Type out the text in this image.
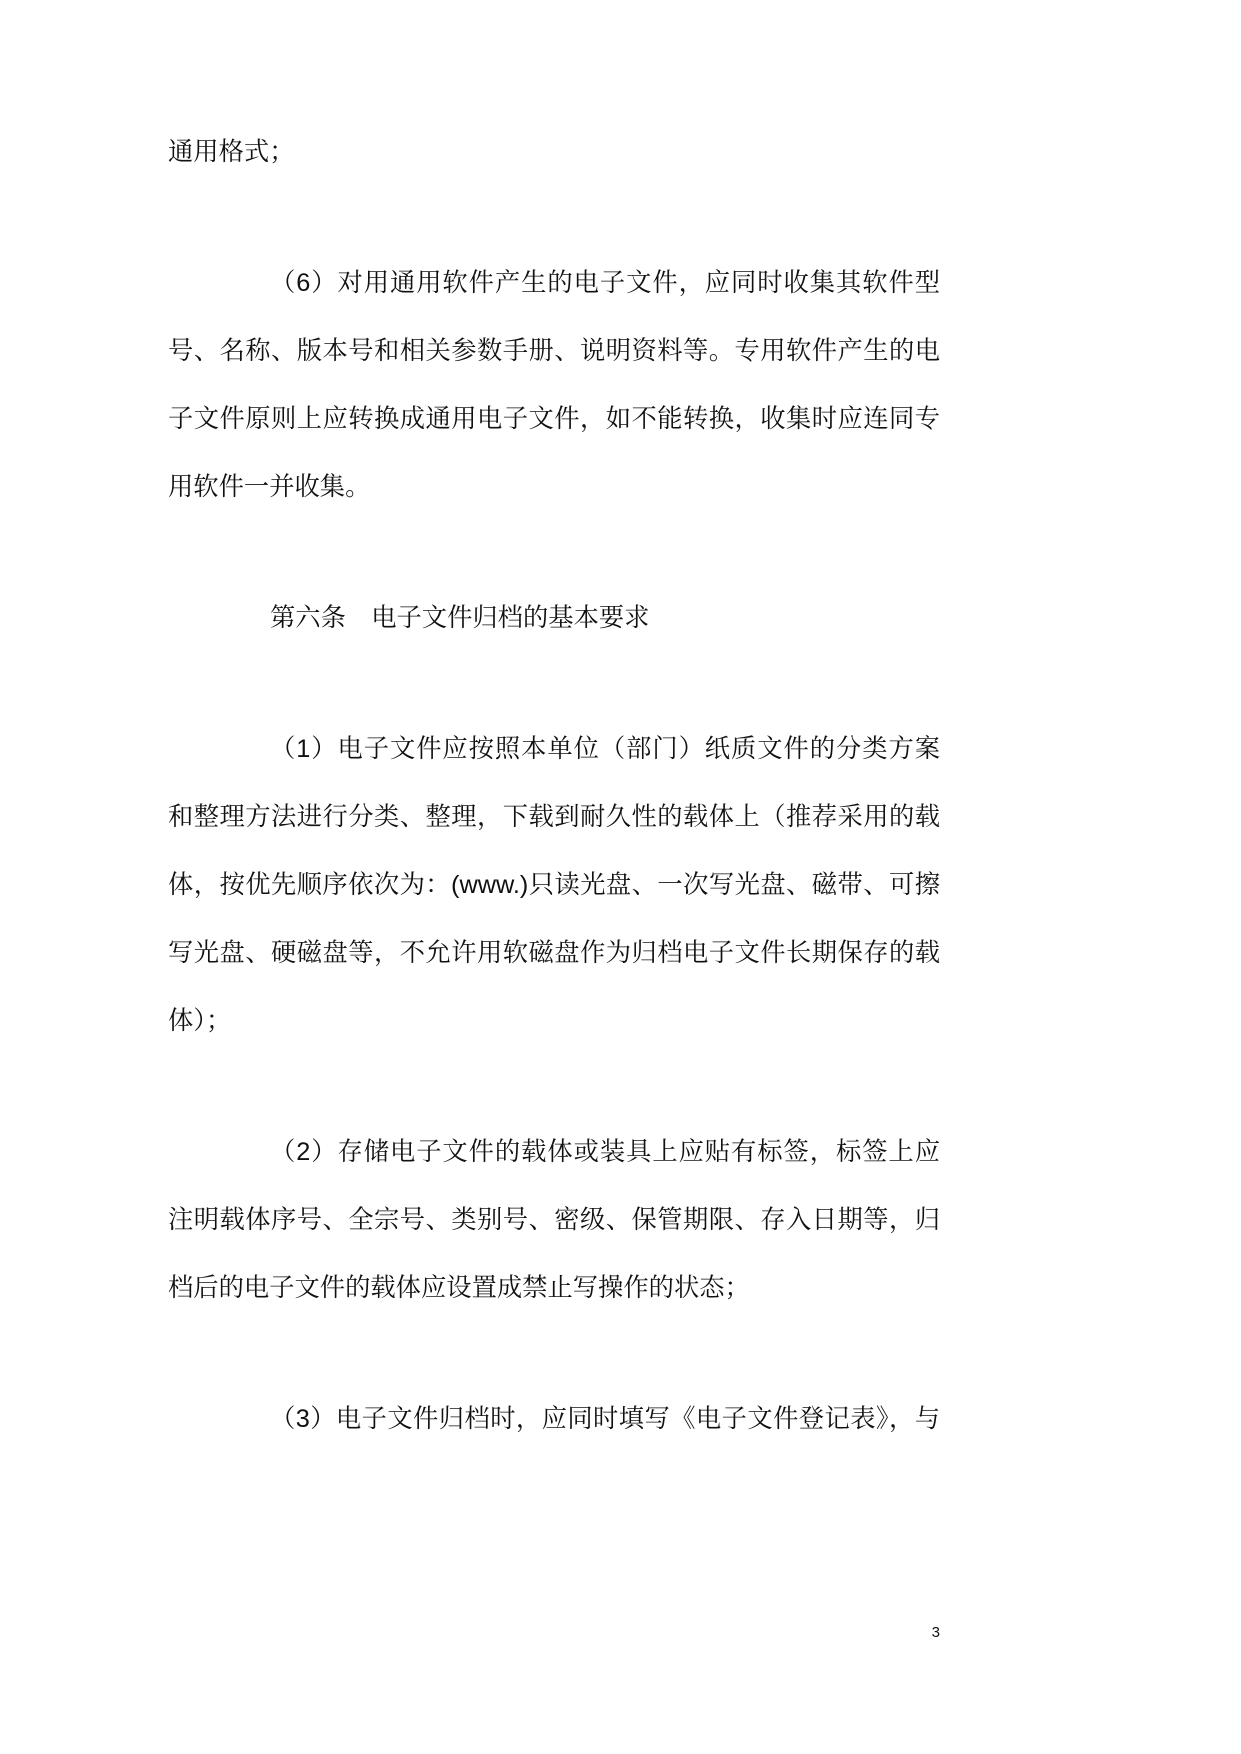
通用格式；
（6）对用通用软件产生的电子文件，应同时收集其软件型
号、名称、版本号和相关参数手册、说明资料等。专用软件产生的电
子文件原则上应转换成通用电子文件，如不能转换，收集时应连同专
用软件一并收集。
第六条　电子文件归档的基本要求
（1）电子文件应按照本单位（部门）纸质文件的分类方案
和整理方法进行分类、整理，下载到耐久性的载体上（推荐采用的载
体，按优先顺序依次为：(www.)只读光盘、一次写光盘、磁带、可擦
写光盘、硬磁盘等，不允许用软磁盘作为归档电子文件长期保存的载
体）；
（2）存储电子文件的载体或装具上应贴有标签，标签上应
注明载体序号、全宗号、类别号、密级、保管期限、存入日期等，归
档后的电子文件的载体应设置成禁止写操作的状态；
（3）电子文件归档时，应同时填写《电子文件登记表》，与
3
